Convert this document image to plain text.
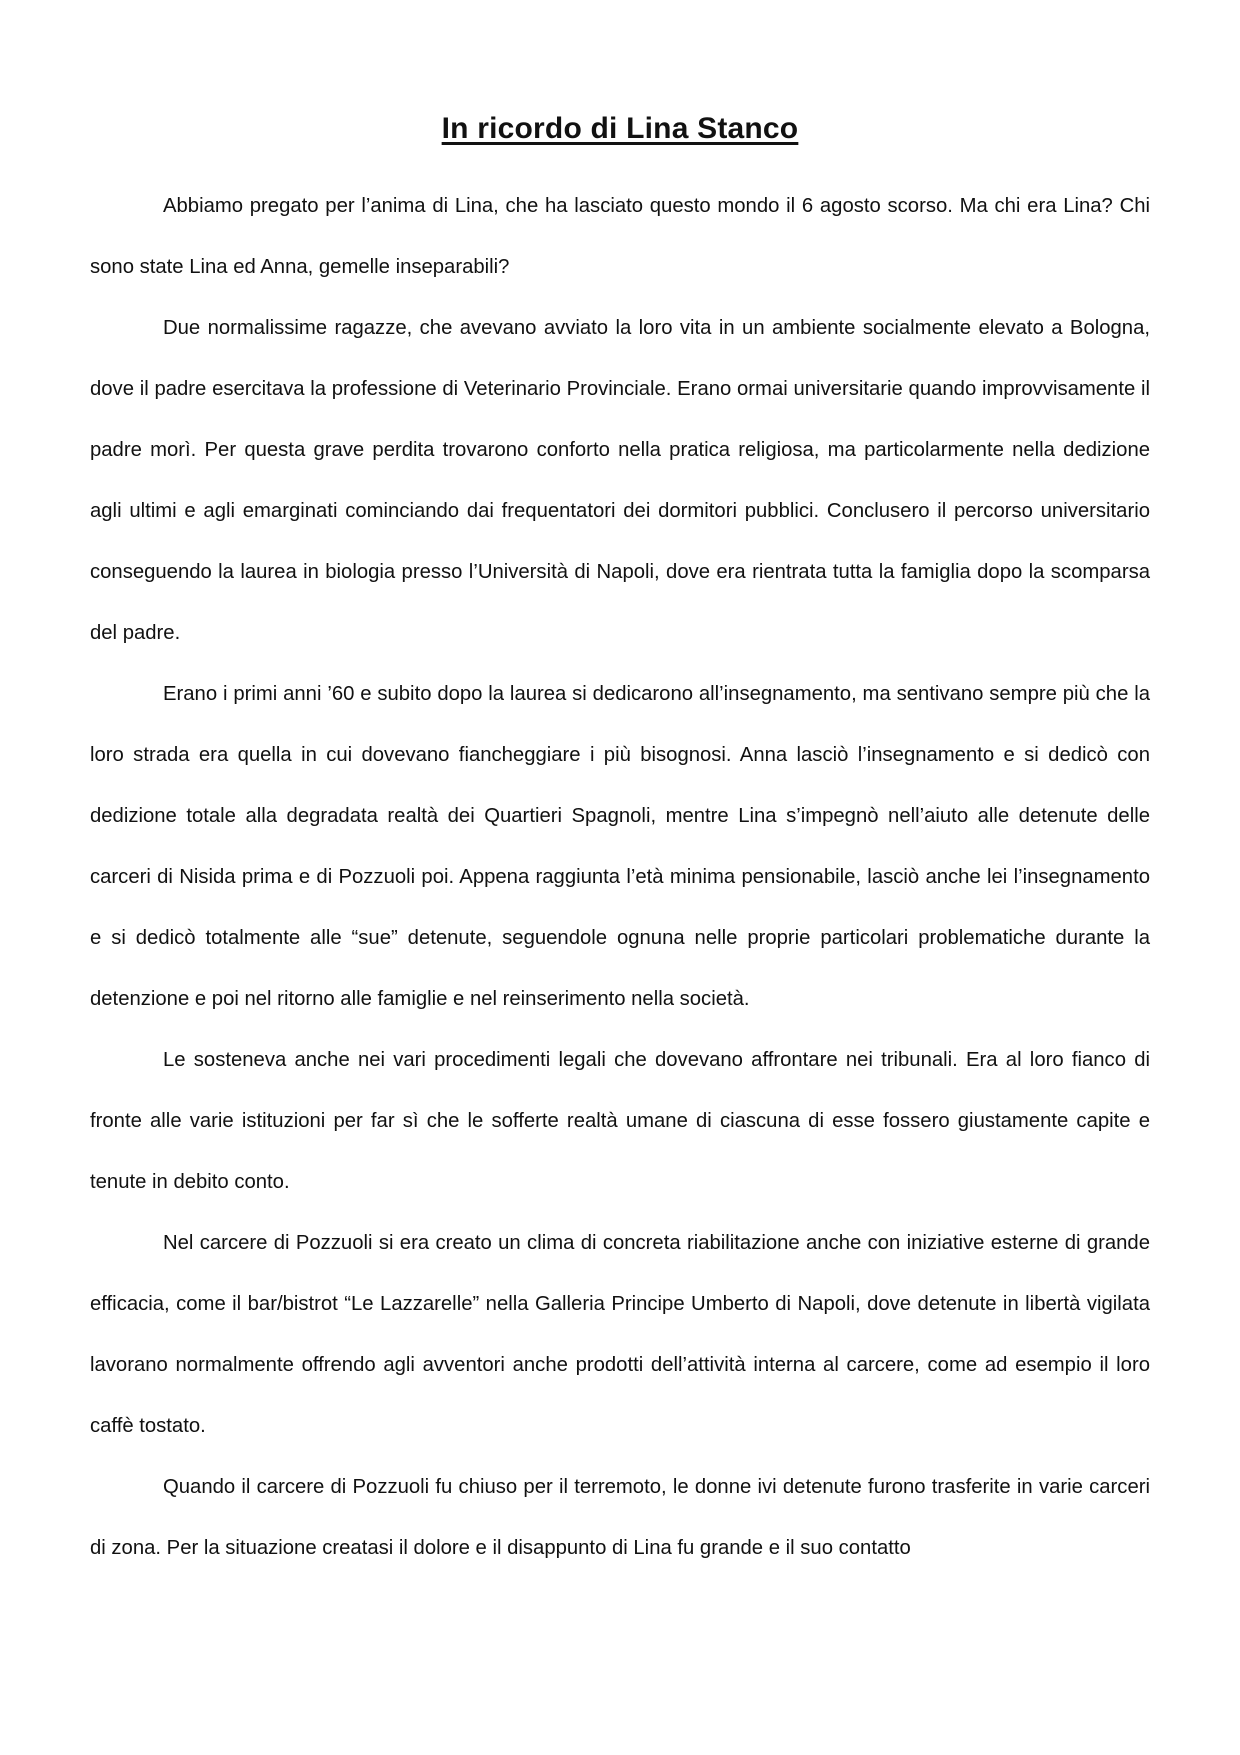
In ricordo di Lina Stanco

Abbiamo pregato per l’anima di Lina, che ha lasciato questo mondo il 6 agosto scorso. Ma chi era Lina? Chi sono state Lina ed Anna, gemelle inseparabili?

Due normalissime ragazze, che avevano avviato la loro vita in un ambiente socialmente elevato a Bologna, dove il padre esercitava la professione di Veterinario Provinciale. Erano ormai universitarie quando improvvisamente il padre morì. Per questa grave perdita trovarono conforto nella pratica religiosa, ma particolarmente nella dedizione agli ultimi e agli emarginati cominciando dai frequentatori dei dormitori pubblici. Conclusero il percorso universitario conseguendo la laurea in biologia presso l’Università di Napoli, dove era rientrata tutta la famiglia dopo la scomparsa del padre.

Erano i primi anni ’60 e subito dopo la laurea si dedicarono all’insegnamento, ma sentivano sempre più che la loro strada era quella in cui dovevano fiancheggiare i più bisognosi. Anna lasciò l’insegnamento e si dedicò con dedizione totale alla degradata realtà dei Quartieri Spagnoli, mentre Lina s’impegnò nell’aiuto alle detenute delle carceri di Nisida prima e di Pozzuoli poi. Appena raggiunta l’età minima pensionabile, lasciò anche lei l’insegnamento e si dedicò totalmente alle “sue” detenute, seguendole ognuna nelle proprie particolari problematiche durante la detenzione e poi nel ritorno alle famiglie e nel reinserimento nella società.

Le sosteneva anche nei vari procedimenti legali che dovevano affrontare nei tribunali. Era al loro fianco di fronte alle varie istituzioni per far sì che le sofferte realtà umane di ciascuna di esse fossero giustamente capite e tenute in debito conto.

Nel carcere di Pozzuoli si era creato un clima di concreta riabilitazione anche con iniziative esterne di grande efficacia, come il bar/bistrot “Le Lazzarelle” nella Galleria Principe Umberto di Napoli, dove detenute in libertà vigilata lavorano normalmente offrendo agli avventori anche prodotti dell’attività interna al carcere, come ad esempio il loro caffè tostato.

Quando il carcere di Pozzuoli fu chiuso per il terremoto, le donne ivi detenute furono trasferite in varie carceri di zona. Per la situazione creatasi il dolore e il disappunto di Lina fu grande e il suo contatto
